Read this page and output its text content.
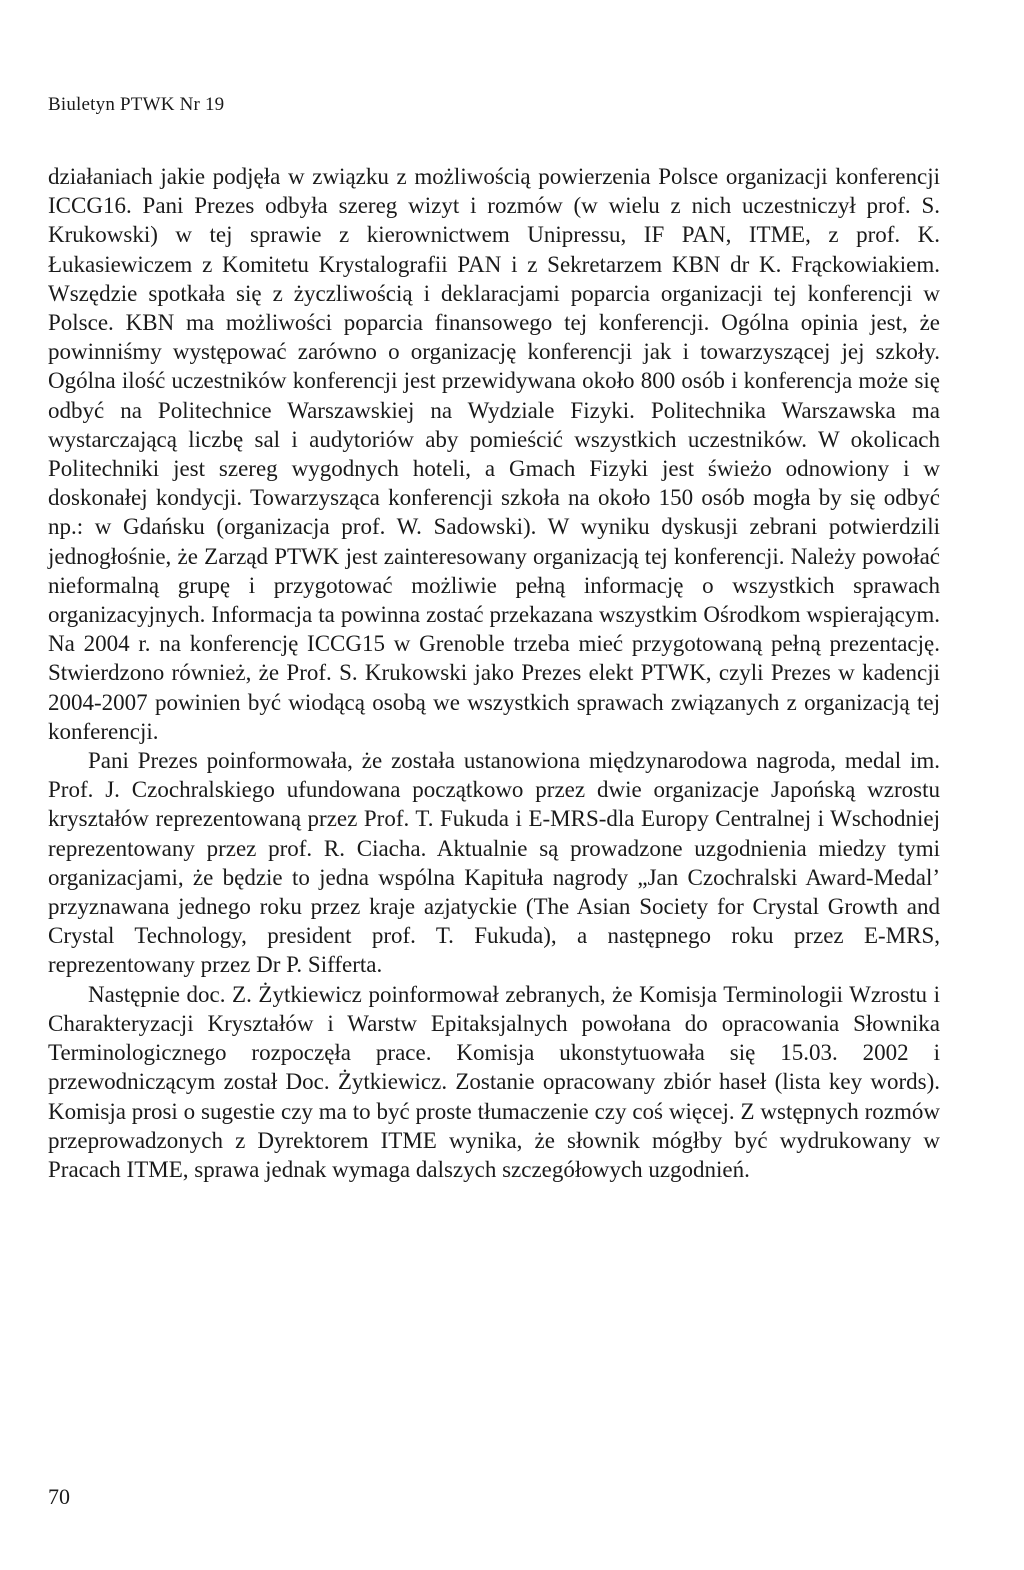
Biuletyn PTWK Nr 19

działaniach jakie podjęła w związku z możliwością powierzenia Polsce organizacji konferencji ICCG16. Pani Prezes odbyła szereg wizyt i rozmów (w wielu z nich uczestniczył prof. S. Krukowski) w tej sprawie z kierownictwem Unipressu, IF PAN, ITME, z prof. K. Łukasiewiczem z Komitetu Krystalografii PAN i z Sekretarzem KBN dr K. Frąckowiakiem. Wszędzie spotkała się z życzliwością i deklaracjami poparcia organizacji tej konferencji w Polsce. KBN ma możliwości poparcia finansowego tej konferencji. Ogólna opinia jest, że powinniśmy występować zarówno o organizację konferencji jak i towarzyszącej jej szkoły. Ogólna ilość uczestników konferencji jest przewidywana około 800 osób i konferencja może się odbyć na Politechnice Warszawskiej na Wydziale Fizyki. Politechnika Warszawska ma wystarczającą liczbę sal i audytoriów aby pomieścić wszystkich uczestników. W okolicach Politechniki jest szereg wygodnych hoteli, a Gmach Fizyki jest świeżo odnowiony i w doskonałej kondycji. Towarzysząca konferencji szkoła na około 150 osób mogła by się odbyć np.: w Gdańsku (organizacja prof. W. Sadowski). W wyniku dyskusji zebrani potwierdzili jednogłośnie, że Zarząd PTWK jest zainteresowany organizacją tej konferencji. Należy powołać nieformalną grupę i przygotować możliwie pełną informację o wszystkich sprawach organizacyjnych. Informacja ta powinna zostać przekazana wszystkim Ośrodkom wspierającym. Na 2004 r. na konferencję ICCG15 w Grenoble trzeba mieć przygotowaną pełną prezentację. Stwierdzono również, że Prof. S. Krukowski jako Prezes elekt PTWK, czyli Prezes w kadencji 2004-2007 powinien być wiodącą osobą we wszystkich sprawach związanych z organizacją tej konferencji.

Pani Prezes poinformowała, że została ustanowiona międzynarodowa nagroda, medal im. Prof. J. Czochralskiego ufundowana początkowo przez dwie organizacje Japońską wzrostu kryształów reprezentowaną przez Prof. T. Fukuda i E-MRS-dla Europy Centralnej i Wschodniej reprezentowany przez prof. R. Ciacha. Aktualnie są prowadzone uzgodnienia miedzy tymi organizacjami, że będzie to jedna wspólna Kapituła nagrody „Jan Czochralski Award-Medal’ przyznawana jednego roku przez kraje azjatyckie (The Asian Society for Crystal Growth and Crystal Technology, president prof. T. Fukuda), a następnego roku przez E-MRS, reprezentowany przez Dr P. Sifferta.

Następnie doc. Z. Żytkiewicz poinformował zebranych, że Komisja Terminologii Wzrostu i Charakteryzacji Kryształów i Warstw Epitaksjalnych powołana do opracowania Słownika Terminologicznego rozpoczęła prace. Komisja ukonstytuowała się 15.03. 2002 i przewodniczącym został Doc. Żytkiewicz. Zostanie opracowany zbiór haseł (lista key words). Komisja prosi o sugestie czy ma to być proste tłumaczenie czy coś więcej. Z wstępnych rozmów przeprowadzonych z Dyrektorem ITME wynika, że słownik mógłby być wydrukowany w Pracach ITME, sprawa jednak wymaga dalszych szczegółowych uzgodnień.

70
